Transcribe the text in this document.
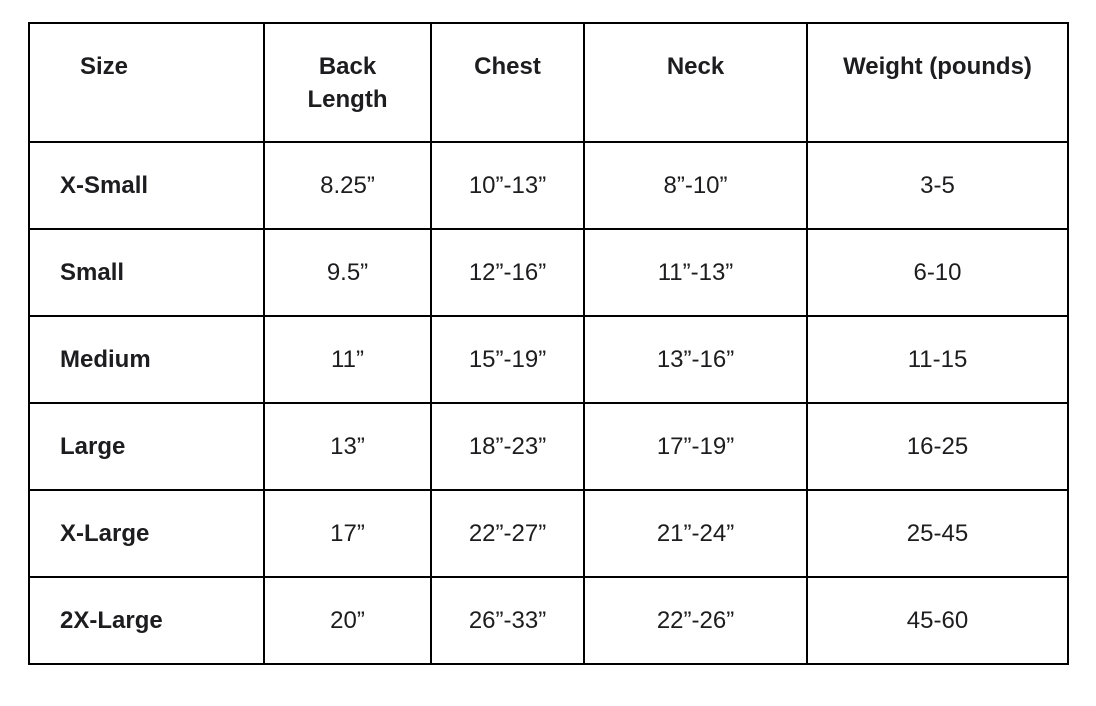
Size	Back Length	Chest	Neck	Weight (pounds)
X-Small	8.25”	10”-13”	8”-10”	3-5
Small	9.5”	12”-16”	11”-13”	6-10
Medium	11”	15”-19”	13”-16”	11-15
Large	13”	18”-23”	17”-19”	16-25
X-Large	17”	22”-27”	21”-24”	25-45
2X-Large	20”	26”-33”	22”-26”	45-60
